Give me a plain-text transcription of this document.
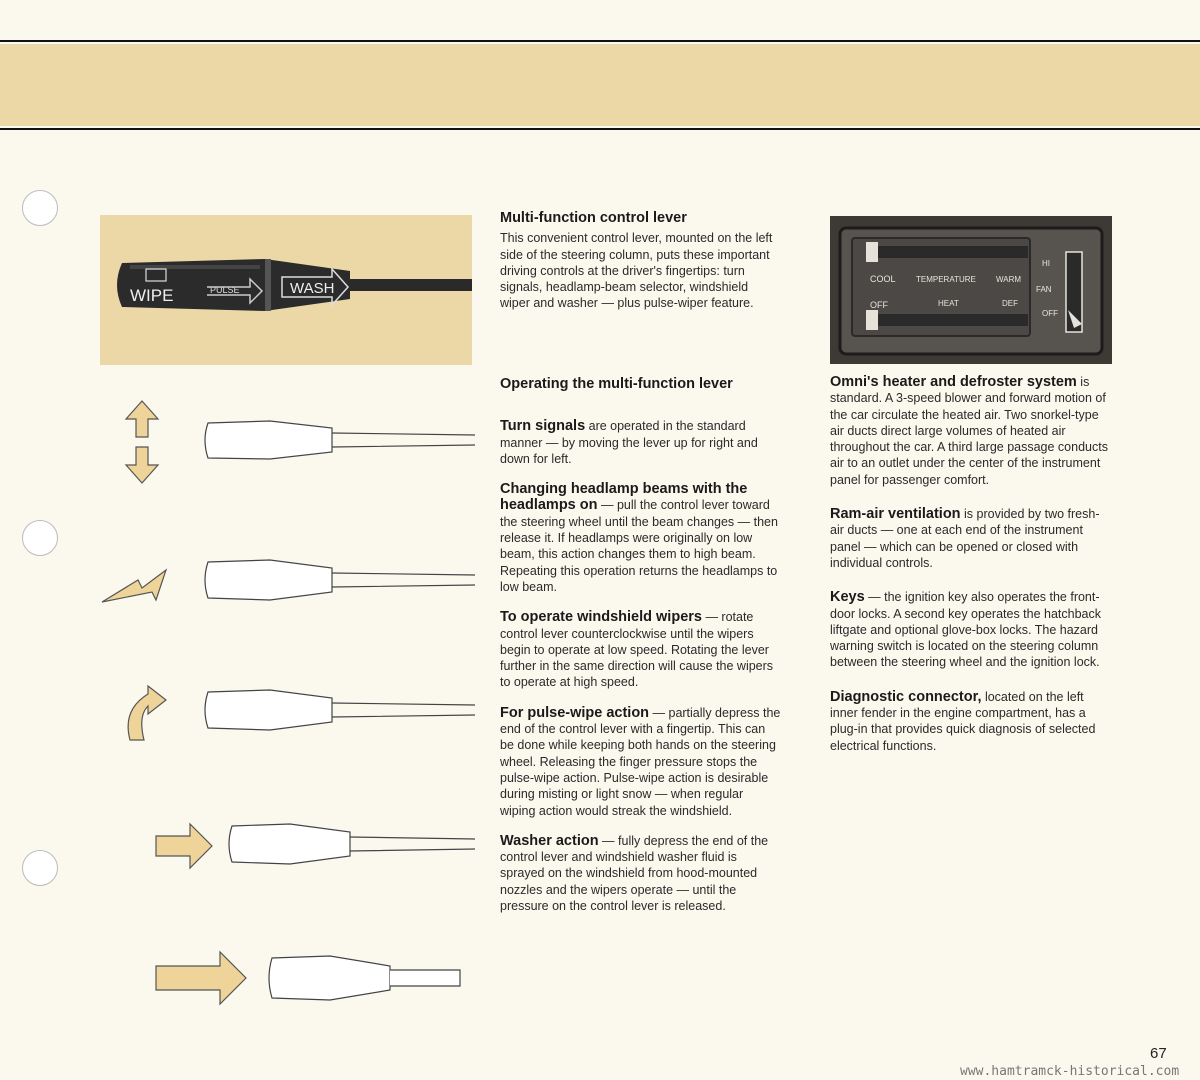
WIPE	PULSE	WASH
Multi-function control lever

This convenient control lever, mounted on the left side of the steering column, puts these important driving controls at the driver's fingertips: turn signals, headlamp-beam selector, windshield wiper and washer — plus pulse-wiper feature.

Operating the multi-function lever

Turn signals are operated in the standard manner — by moving the lever up for right and down for left.

Changing headlamp beams with the headlamps on — pull the control lever toward the steering wheel until the beam changes — then release it. If headlamps were originally on low beam, this action changes them to high beam. Repeating this operation returns the headlamps to low beam.

To operate windshield wipers — rotate control lever counterclockwise until the wipers begin to operate at low speed. Rotating the lever further in the same direction will cause the wipers to operate at high speed.

For pulse-wipe action — partially depress the end of the control lever with a fingertip. This can be done while keeping both hands on the steering wheel. Releasing the finger pressure stops the pulse-wipe action. Pulse-wipe action is desirable during misting or light snow — when regular wiping action would streak the windshield.

Washer action — fully depress the end of the control lever and windshield washer fluid is sprayed on the windshield from hood-mounted nozzles and the wipers operate — until the pressure on the control lever is released.

COOL	TEMPERATURE	WARM
OFF	HEAT	DEF
HI
FAN
OFF

Omni's heater and defroster system is standard. A 3-speed blower and forward motion of the car circulate the heated air. Two snorkel-type air ducts direct large volumes of heated air throughout the car. A third large passage conducts air to an outlet under the center of the instrument panel for passenger comfort.

Ram-air ventilation is provided by two fresh-air ducts — one at each end of the instrument panel — which can be opened or closed with individual controls.

Keys — the ignition key also operates the front-door locks. A second key operates the hatchback liftgate and optional glove-box locks. The hazard warning switch is located on the steering column between the steering wheel and the ignition lock.

Diagnostic connector, located on the left inner fender in the engine compartment, has a plug-in that provides quick diagnosis of selected electrical functions.

67
www.hamtramck-historical.com
